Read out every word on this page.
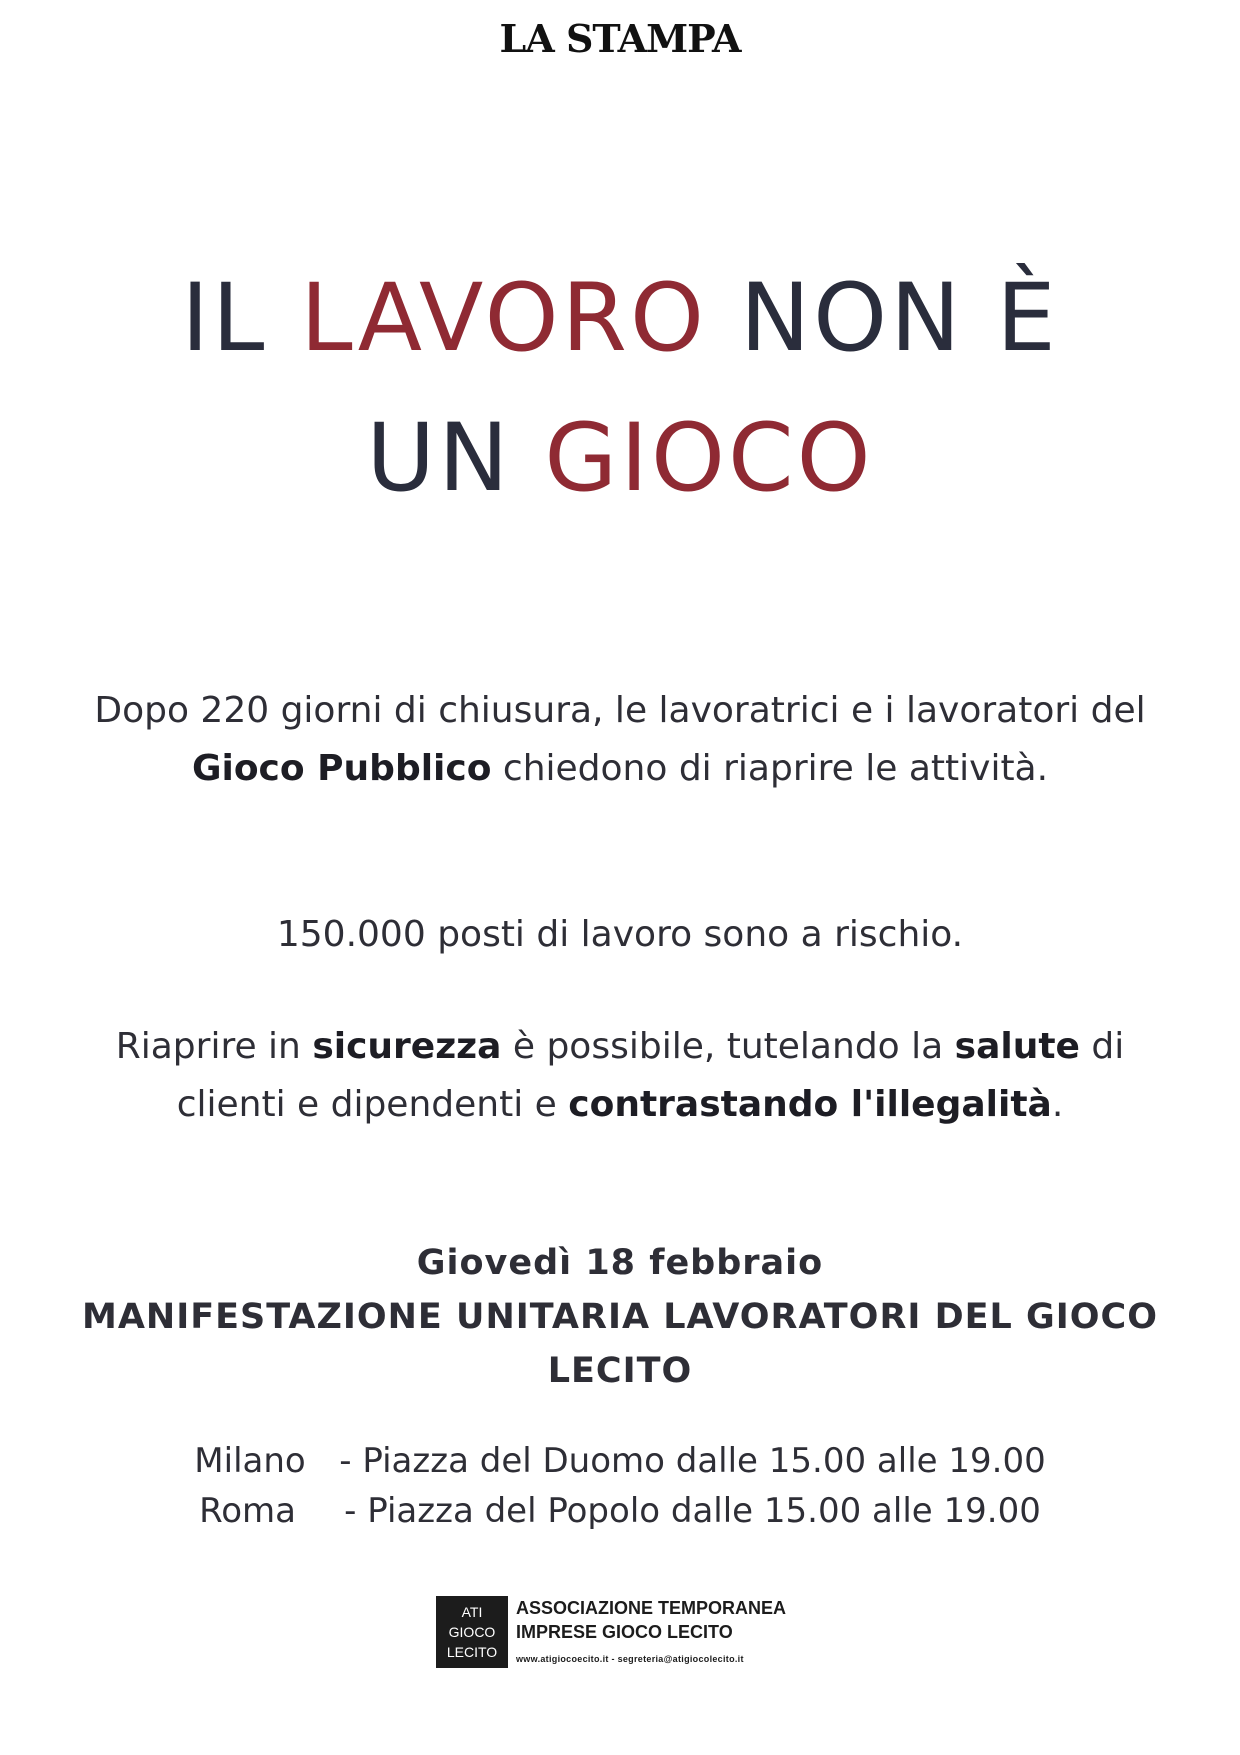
LA STAMPA
IL LAVORO NON È
UN GIOCO
Dopo 220 giorni di chiusura, le lavoratrici e i lavoratori del Gioco Pubblico chiedono di riaprire le attività.
150.000 posti di lavoro sono a rischio.
Riaprire in sicurezza è possibile, tutelando la salute di clienti e dipendenti e contrastando l'illegalità.
Giovedì 18 febbraio
MANIFESTAZIONE UNITARIA LAVORATORI DEL GIOCO LECITO
Milano - Piazza del Duomo dalle 15.00 alle 19.00
Roma	- Piazza del Popolo dalle 15.00 alle 19.00
ATI
GIOCO
LECITO
ASSOCIAZIONE TEMPORANEA
IMPRESE GIOCO LECITO
www.atigiocoecito.it - segreteria@atigiocolecito.it
